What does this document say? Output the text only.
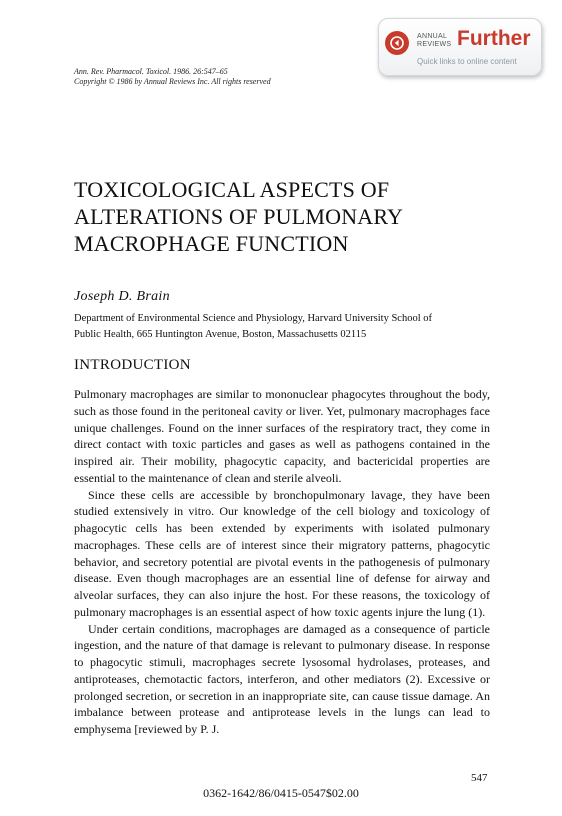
ANNUAL
REVIEWS Further
Quick links to online content
Ann. Rev. Pharmacol. Toxicol. 1986. 26:547–65
Copyright © 1986 by Annual Reviews Inc. All rights reserved
TOXICOLOGICAL ASPECTS OF
ALTERATIONS OF PULMONARY
MACROPHAGE FUNCTION
Joseph D. Brain
Department of Environmental Science and Physiology, Harvard University School of
Public Health, 665 Huntington Avenue, Boston, Massachusetts 02115
INTRODUCTION

Pulmonary macrophages are similar to mononuclear phagocytes throughout the body, such as those found in the peritoneal cavity or liver. Yet, pulmonary macrophages face unique challenges. Found on the inner surfaces of the respiratory tract, they come in direct contact with toxic particles and gases as well as pathogens contained in the inspired air. Their mobility, phagocytic capacity, and bactericidal properties are essential to the maintenance of clean and sterile alveoli.

Since these cells are accessible by bronchopulmonary lavage, they have been studied extensively in vitro. Our knowledge of the cell biology and toxicology of phagocytic cells has been extended by experiments with isolated pulmonary macrophages. These cells are of interest since their migratory patterns, phagocytic behavior, and secretory potential are pivotal events in the pathogenesis of pulmonary disease. Even though macrophages are an essential line of defense for airway and alveolar surfaces, they can also injure the host. For these reasons, the toxicology of pulmonary macrophages is an essential aspect of how toxic agents injure the lung (1).

Under certain conditions, macrophages are damaged as a consequence of particle ingestion, and the nature of that damage is relevant to pulmonary disease. In response to phagocytic stimuli, macrophages secrete lysosomal hydrolases, proteases, and antiproteases, chemotactic factors, interferon, and other mediators (2). Excessive or prolonged secretion, or secretion in an inappropriate site, can cause tissue damage. An imbalance between protease and antiprotease levels in the lungs can lead to emphysema [reviewed by P. J.

547
0362-1642/86/0415-0547$02.00
